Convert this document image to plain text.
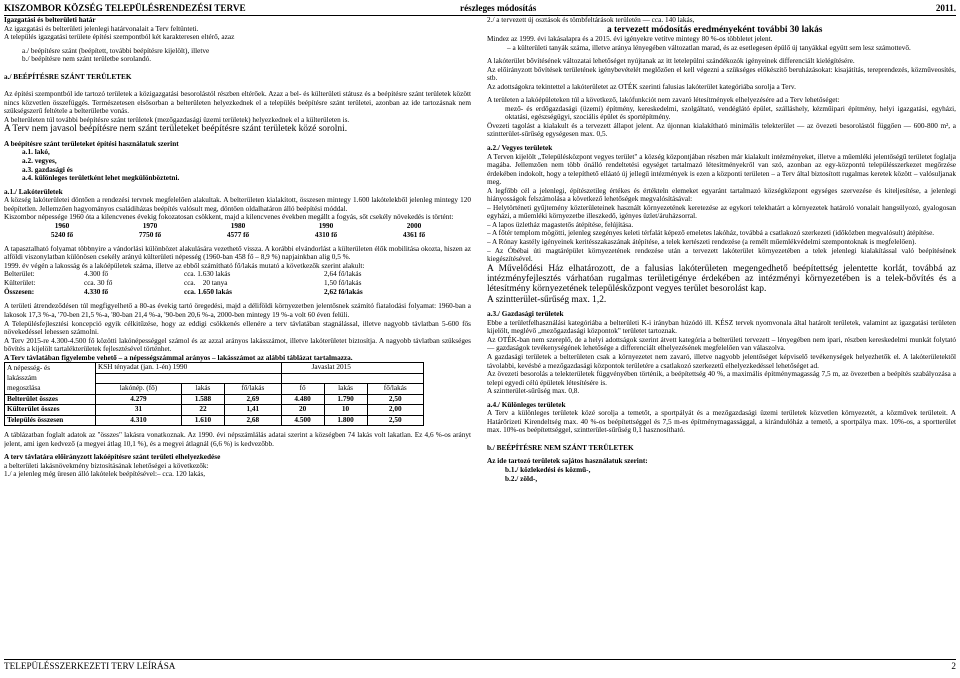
KISZOMBOR KÖZSÉG TELEPÜLÉSRENDEZÉSI TERVE	részleges módosítás	2011.

Igazgatási és belterületi határ

Az igazgatási és belterületi jelenlegi határvonalait a Terv feltünteti.

A település igazgatási területe építési szempontból két karakteresen eltérő, azaz

a./ beépítésre szánt (beépített, további beépítésre kijelölt), illetve

b./ beépítésre nem szánt területbe sorolandó.

a./ BEÉPÍTÉSRE SZÁNT TERÜLETEK

Az építési szempontból ide tartozó területek a közigazgatási besorolástól részben eltérőek. Azaz a bel- és külterületi státusz és a beépítésre szánt területek között nincs közvetlen összefüggés. Természetesen elsősorban a belterületen helyezkednek el a település beépítésre szánt területei, azonban az ide tartozásnak nem szükségszerű feltétele a belterületbe vonás.

A belterületen túl további beépítésre szánt területek (mezőgazdasági üzemi területek) helyezkednek el a külterületen is.

A Terv nem javasol beépítésre nem szánt területeket beépítésre szánt területek közé sorolni.

A beépítésre szánt területeket építési használatuk szerint

a.1. lakó,

a.2. vegyes,

a.3. gazdasági és

a.4. különleges területként lehet megkülönböztetni.

a.1./ Lakóterületek

A község lakóterületei döntően a rendezési tervnek megfelelően alakultak. A belterületen kialakított, összesen mintegy 1.600 lakótelekből jelenleg mintegy 120 beépítetlen. Jellemzően hagyományos családiházas beépítés valósult meg, döntően oldalhatáron álló beépítési móddal.

Kiszombor népessége 1960 óta a kilencvenes évekig fokozatosan csökkent, majd a kilencvenes években megállt a fogyás, sőt csekély növekedés is történt:

1960	1970	1980	1990	2000
5240 fő	7750 fő	4577 fő	4310 fő	4361 fő

A tapasztalható folyamat többnyire a vándorlási különbözet alakulására vezethető vissza. A korábbi elvándorlást a külterületen élők mobilitása okozta, hiszen az alföldi viszonylatban különösen csekély arányú külterületi népesség (1960-ban 458 fő – 8,9 %) napjainkban alig 0,5 %.

1999. év végén a lakosság és a lakóépületek száma, illetve az ebből számítható fő/lakás mutató a következők szerint alakult:

Belterület:	4.300 fő	cca. 1.630 lakás	2,64 fő/lakás
Külterület:	cca. 30 fő	cca.    20 tanya	1,50 fő/lakás
Összesen:	4.330 fő	cca. 1.650 lakás	2,62 fő/lakás

A területi átrendeződésen túl megfigyelhető a 80-as évekig tartó öregedési, majd a déliföldi környezetben jelentősnek számító fiatalodási folyamat: 1960-ban a lakosok 17,3 %-a, '70-ben 21,5 %-a, '80-ban 21,4 %-a, '90-ben 20,6 %-a, 2000-ben mintegy 19 %-a volt 60 éven felüli.

A Településfejlesztési koncepció egyik célkitűzése, hogy az eddigi csökkenés ellenére a terv távlatában stagnálással, illetve nagyobb távlatban 5-600 fős növekedéssel lehessen számolni.

A Terv 2015-re 4.300-4.500 fő közötti lakónépességgel számol és az azzal arányos lakásszámot, illetve lakóterületet biztosítja. A nagyobb távlatban szükséges bővítés a kijelölt tartalékterületek fejlesztésével történhet.

A Terv távlatában figyelembe vehető – a népességszámmal arányos – lakásszámot az alábbi táblázat tartalmazza.

A népesség- és	KSH tényadat (jan. 1-én) 1990			Javaslat 2015		
lakásszám						
megoszlása	lakónép. (fő)	lakás	fő/lakás	fő	lakás	fő/lakás
Belterület összes	4.279	1.588	2,69	4.480	1.790	2,50
Külterület összes	31	22	1,41	20	10	2,00
Település összesen	4.310	1.610	2,68	4.500	1.800	2,50

A táblázatban foglalt adatok az "összes" lakásra vonatkoznak. Az 1990. évi népszámlálás adatai szerint a községben 74 lakás volt lakatlan. Ez 4,6 %-os arányt jelent, ami igen kedvező (a megyei átlag 10,1 %), és a megyei átlagnál (6,6 %) is kedvezőbb.

A terv távlatára előirányzott lakóépítésre szánt területi elhelyezkedése

a belterületi lakásnövekmény biztosításának lehetőségei a következők:

1./ a jelenleg még üresen álló lakótelek beépítésével:– cca. 120 lakás,

2./ a tervezett új osztások és tömbfeltárások területén — cca. 140 lakás,

a tervezett módosítás eredményeként további 30 lakás

Mindez az 1999. évi lakásalapra és a 2015. évi igényekre vetítve mintegy 80 %-os többletet jelent.

– a külterületi tanyák száma, illetve aránya lényegében változatlan marad, és az esetlegesen épülő új tanyákkal együtt sem lesz számottevő.

A lakóterület bővítésének változatai lehetőséget nyújtanak az itt letelepülni szándékozók igényeinek differenciált kielégítésére.

Az előirányzott bővítések területének igénybevételét meglőzően el kell végezni a szükséges előkészítő beruházásokat: kisajátítás, tereprendezés, közműveosítés, stb.

Az adottságokra tekintettel a lakóterületet az OTÉK szerinti falusias lakóterület kategóriába sorolja a Terv.

A területen a lakóépületeken túl a következő, lakófunkciót nem zavaró létesítmények elhelyezésére ad a Terv lehetőséget:

mező- és erdőgazdasági (üzemi) építmény, kereskedelmi, szolgáltató, vendéglátó épület, szálláshely, kézműipari építmény, helyi igazgatási, egyházi, oktatási, egészségügyi, szociális épület és sportépítmény.

Övezeti tagolást a kialakult és a tervezett állapot jelent. Az újonnan kialakítható minimális telekterület — az övezeti besorolástól függően — 600-800 m², a szintterület-sűrűség egységesen max. 0,5.

a.2./ Vegyes területek

A Terven kijelölt „Településközpont vegyes terület" a község központjában részben már kialakult intézményeket, illetve a műemléki jelentőségű területet foglalja magába. Jellemzően nem több önálló rendeltetési egységet tartalmazó létesítményekről van szó, azonban az egy-központú településszerkezet megőrzése érdekében indokolt, hogy a telepíthető elláató új jellegű intézmények is ezen a központi területen – a Terv által biztosított rugalmas keretek között – valósuljanak meg.

A legfőbb cél a jelenlegi, építészetileg értékes és értékteln elemeket egyaránt tartalmazó községközpont egységes szervezése és kiteljesítése, a jelenlegi hiányosságok felszámolása a következő lehetőségek megvalósításával:

– Helytörténeti gyűjtemény közterületeinek használt környezetének keretezése az egykori telekhatárt a környezetek határoló vonalait hangsúlyozó, gyalogosan egyházi, a műemléki környezetbe illeszkedő, igényes üzlet/áruházsorral.

– A lapos üzletház magastetős átépítése, felújítása.

– A főtér templom mögötti, jelenleg szegényes keleti térfalát képező emeletes lakóház, továbbá a csatlakozó szerkezeti (időközben megvalósult) átépítése.

– A Rónay kastély igényeinek keritésszakaszának átépítése, a telek kertészeti rendezése (a remélt műemlékvédelmi szempontoknak is megfelelően).

– Az Óbébai úti magtárépület környezetének rendezése után a tervezett lakóterület környezetében a telek jelenlegi kialakítással való beépítésének kiegészítésével.

A Művelődési Ház elhatározott, de a falusias lakóterületen megengedhető beépítettség jelentette korlát, továbbá az intézményfejlesztés várhatóan rugalmas területigénye érdekében az intézményi környezetében is a telek-bővítés és a létesítmény környezetének településközpont vegyes terület besorolást kap.

A szintterület-sűrűség max. 1,2.

a.3./ Gazdasági területek

Ebbe a területfelhasználási kategóriába a belterületi K-i irányban húzódó ill. KÉSZ tervek nyomvonala által határolt területek, valamint az igazgatási területen kijelölt, meglévő „mezőgazdasági központok" területet tartoznak.

Az OTÉK-ban nem szereplő, de a helyi adottságok szerint átvett kategória a belterületi tervezett – lényegében nem ipari, részben kereskedelmi munkát folytató — gazdaságok tevékenységének lehetősége a differenciált elhelyezésének megfelelően van válaszolva.

A gazdasági területek a belterületen csak a környezetet nem zavaró, illetve nagyobb jelentőséget képviselő tevékenységek helyezhetők el. A lakóterületektől távolabbi, kevésbé a mezőgazdasági központok területére a csatlakozó szerkezetű elhelyezkedéssel lehetőséget ad.

Az övezeti besorolás a telekterületek függvényében történik, a beépítettség 40 %, a maximális építménymagasság 7,5 m, az övezetben a beépítés szabályozása a telepi egyedi célú épületek létesítésére is.

A szintterület-sűrűség max. 0,8.

a.4./ Különleges területek

A Terv a különleges területek közé sorolja a temetőt, a sportpályát és a mezőgazdasági üzemi területek közvetlen környezetét, a közművek területeit. A Határőrizeti Kirendeltség max. 40 %-os beépítettséggel és 7,5 m-es építménymagassággal, a kirándulóház a temető, a sportpálya max. 10%-os, a sportterület max. 10%-os beépítettséggel, szintterület-sűrűség 0,1 hasznosítható.

b./ BEÉPÍTÉSRE NEM SZÁNT TERÜLETEK

Az ide tartozó területek sajátos használatuk szerint:

b.1./ közlekedési és közmű-,

b.2./ zöld-,

TELEPÜLÉSSZERKEZETI TERV LEÍRÁSA	2
